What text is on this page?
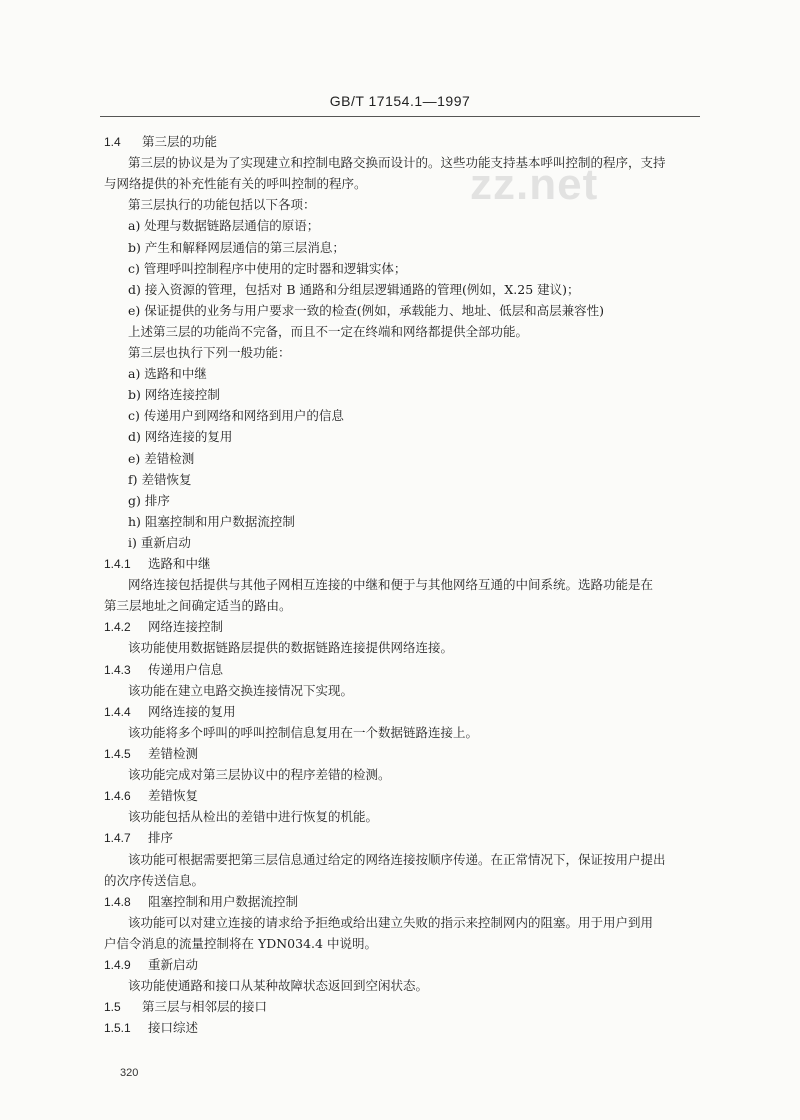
GB/T 17154.1—1997
zz.net
1.4 第三层的功能
第三层的协议是为了实现建立和控制电路交换而设计的。这些功能支持基本呼叫控制的程序，支持
与网络提供的补充性能有关的呼叫控制的程序。
第三层执行的功能包括以下各项：
a) 处理与数据链路层通信的原语；
b) 产生和解释网层通信的第三层消息；
c) 管理呼叫控制程序中使用的定时器和逻辑实体；
d) 接入资源的管理，包括对 B 通路和分组层逻辑通路的管理(例如，X.25 建议)；
e) 保证提供的业务与用户要求一致的检查(例如，承载能力、地址、低层和高层兼容性)
上述第三层的功能尚不完备，而且不一定在终端和网络都提供全部功能。
第三层也执行下列一般功能：
a) 选路和中继
b) 网络连接控制
c) 传递用户到网络和网络到用户的信息
d) 网络连接的复用
e) 差错检测
f) 差错恢复
g) 排序
h) 阻塞控制和用户数据流控制
i) 重新启动
1.4.1 选路和中继
网络连接包括提供与其他子网相互连接的中继和便于与其他网络互通的中间系统。选路功能是在
第三层地址之间确定适当的路由。
1.4.2 网络连接控制
该功能使用数据链路层提供的数据链路连接提供网络连接。
1.4.3 传递用户信息
该功能在建立电路交换连接情况下实现。
1.4.4 网络连接的复用
该功能将多个呼叫的呼叫控制信息复用在一个数据链路连接上。
1.4.5 差错检测
该功能完成对第三层协议中的程序差错的检测。
1.4.6 差错恢复
该功能包括从检出的差错中进行恢复的机能。
1.4.7 排序
该功能可根据需要把第三层信息通过给定的网络连接按顺序传递。在正常情况下，保证按用户提出
的次序传送信息。
1.4.8 阻塞控制和用户数据流控制
该功能可以对建立连接的请求给予拒绝或给出建立失败的指示来控制网内的阻塞。用于用户到用
户信令消息的流量控制将在 YDN034.4 中说明。
1.4.9 重新启动
该功能使通路和接口从某种故障状态返回到空闲状态。
1.5 第三层与相邻层的接口
1.5.1 接口综述
320
